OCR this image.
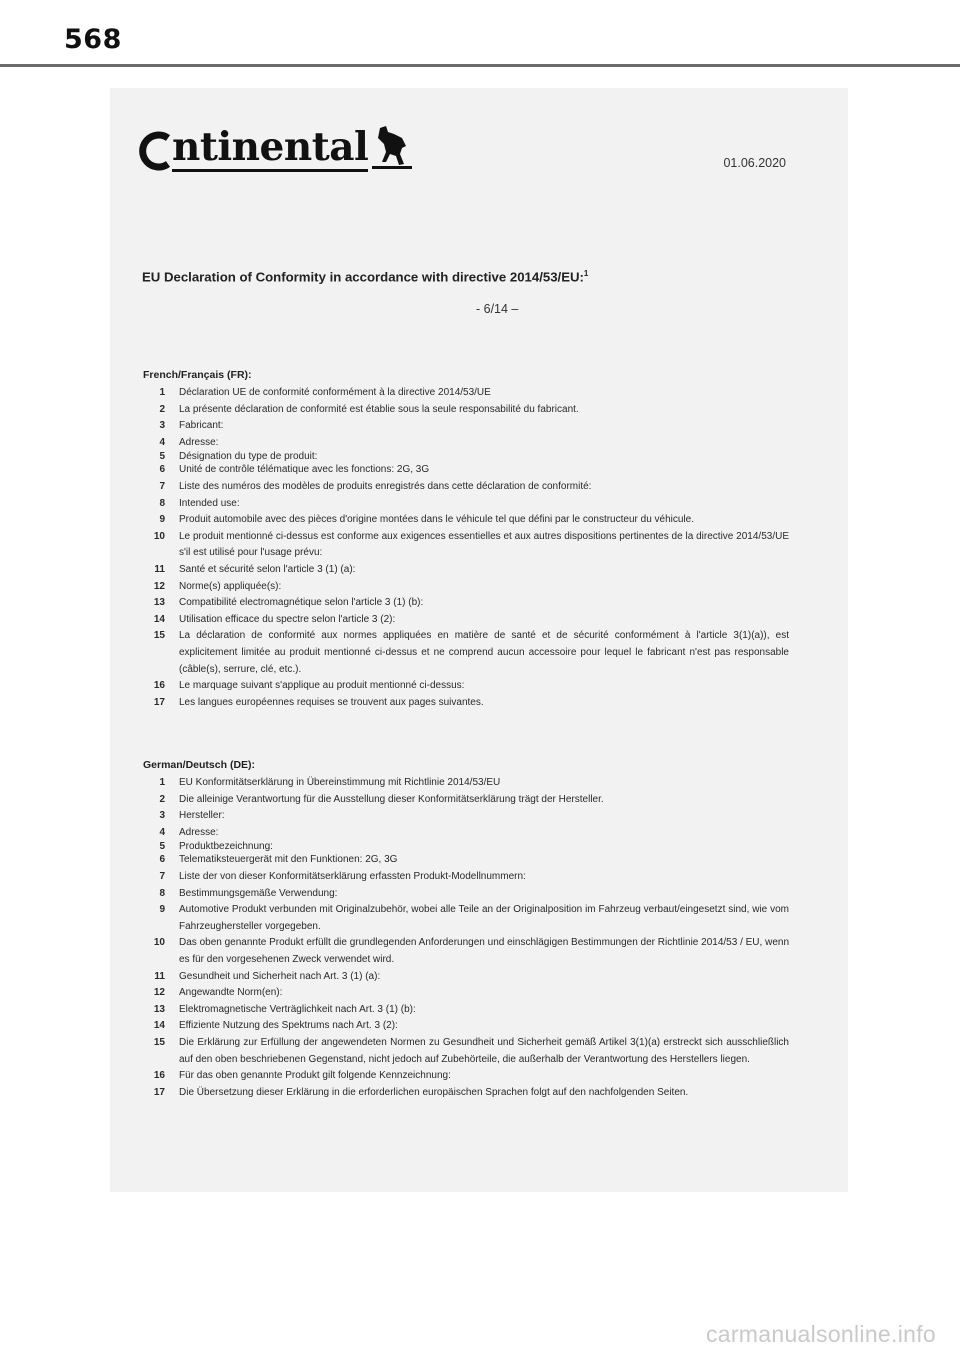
568
ntinental	01.06.2020
EU Declaration of Conformity in accordance with directive 2014/53/EU:$^1$
- 6/14 –
French/Français (FR):
1 Déclaration UE de conformité conformément à la directive 2014/53/UE
2 La présente déclaration de conformité est établie sous la seule responsabilité du fabricant.
3 Fabricant:
4 Adresse:
5 Désignation du type de produit:
6 Unité de contrôle télématique avec les fonctions: 2G, 3G
7 Liste des numéros des modèles de produits enregistrés dans cette déclaration de conformité:
8 Intended use:
9 Produit automobile avec des pièces d'origine montées dans le véhicule tel que défini par le constructeur du véhicule.
10 Le produit mentionné ci-dessus est conforme aux exigences essentielles et aux autres dispositions pertinentes de la directive 2014/53/UE s'il est utilisé pour l'usage prévu:
11 Santé et sécurité selon l'article 3 (1) (a):
12 Norme(s) appliquée(s):
13 Compatibilité electromagnétique selon l'article 3 (1) (b):
14 Utilisation efficace du spectre selon l'article 3 (2):
15 La déclaration de conformité aux normes appliquées en matière de santé et de sécurité conformément à l'article 3(1)(a)), est explicitement limitée au produit mentionné ci-dessus et ne comprend aucun accessoire pour lequel le fabricant n'est pas responsable (câble(s), serrure, clé, etc.).
16 Le marquage suivant s'applique au produit mentionné ci-dessus:
17 Les langues européennes requises se trouvent aux pages suivantes.
German/Deutsch (DE):
1 EU Konformitätserklärung in Übereinstimmung mit Richtlinie 2014/53/EU
2 Die alleinige Verantwortung für die Ausstellung dieser Konformitätserklärung trägt der Hersteller.
3 Hersteller:
4 Adresse:
5 Produktbezeichnung:
6 Telematiksteuergerät mit den Funktionen: 2G, 3G
7 Liste der von dieser Konformitätserklärung erfassten Produkt-Modellnummern:
8 Bestimmungsgemäße Verwendung:
9 Automotive Produkt verbunden mit Originalzubehör, wobei alle Teile an der Originalposition im Fahrzeug verbaut/eingesetzt sind, wie vom Fahrzeughersteller vorgegeben.
10 Das oben genannte Produkt erfüllt die grundlegenden Anforderungen und einschlägigen Bestimmungen der Richtlinie 2014/53 / EU, wenn es für den vorgesehenen Zweck verwendet wird.
11 Gesundheit und Sicherheit nach Art. 3 (1) (a):
12 Angewandte Norm(en):
13 Elektromagnetische Verträglichkeit nach Art. 3 (1) (b):
14 Effiziente Nutzung des Spektrums nach Art. 3 (2):
15 Die Erklärung zur Erfüllung der angewendeten Normen zu Gesundheit und Sicherheit gemäß Artikel 3(1)(a) erstreckt sich ausschließlich auf den oben beschriebenen Gegenstand, nicht jedoch auf Zubehörteile, die außerhalb der Verantwortung des Herstellers liegen.
16 Für das oben genannte Produkt gilt folgende Kennzeichnung:
17 Die Übersetzung dieser Erklärung in die erforderlichen europäischen Sprachen folgt auf den nachfolgenden Seiten.
carmanualsonline.info
